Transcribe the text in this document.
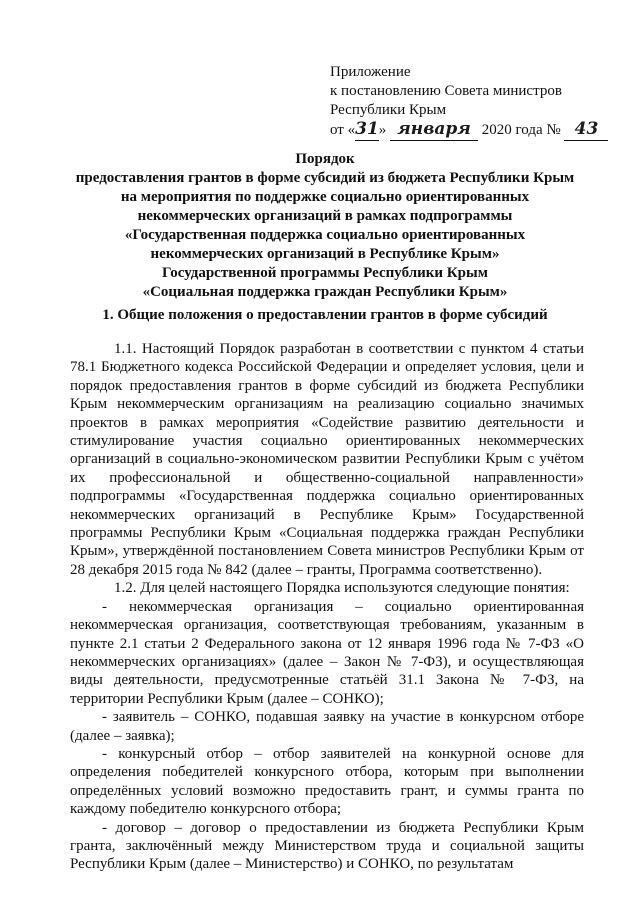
Приложение
к постановлению Совета министров
Республики Крым
от «31» января 2020 года № 43
Порядок
предоставления грантов в форме субсидий из бюджета Республики Крым
на мероприятия по поддержке социально ориентированных
некоммерческих организаций в рамках подпрограммы
«Государственная поддержка социально ориентированных
некоммерческих организаций в Республике Крым»
Государственной программы Республики Крым
«Социальная поддержка граждан Республики Крым»
1. Общие положения о предоставлении грантов в форме субсидий

1.1. Настоящий Порядок разработан в соответствии с пунктом 4 статьи 78.1 Бюджетного кодекса Российской Федерации и определяет условия, цели и порядок предоставления грантов в форме субсидий из бюджета Республики Крым некоммерческим организациям на реализацию социально значимых проектов в рамках мероприятия «Содействие развитию деятельности и стимулирование участия социально ориентированных некоммерческих организаций в социально-экономическом развитии Республики Крым с учётом их профессиональной и общественно-социальной направленности» подпрограммы «Государственная поддержка социально ориентированных некоммерческих организаций в Республике Крым» Государственной программы Республики Крым «Социальная поддержка граждан Республики Крым», утверждённой постановлением Совета министров Республики Крым от 28 декабря 2015 года № 842 (далее – гранты, Программа соответственно).

1.2. Для целей настоящего Порядка используются следующие понятия:

- некоммерческая организация – социально ориентированная некоммерческая организация, соответствующая требованиям, указанным в пункте 2.1 статьи 2 Федерального закона от 12 января 1996 года № 7-ФЗ «О некоммерческих организациях» (далее – Закон № 7-ФЗ), и осуществляющая виды деятельности, предусмотренные статьёй 31.1 Закона № 7-ФЗ, на территории Республики Крым (далее – СОНКО);

- заявитель – СОНКО, подавшая заявку на участие в конкурсном отборе (далее – заявка);

- конкурсный отбор – отбор заявителей на конкурной основе для определения победителей конкурсного отбора, которым при выполнении определённых условий возможно предоставить грант, и суммы гранта по каждому победителю конкурсного отбора;

- договор – договор о предоставлении из бюджета Республики Крым гранта, заключённый между Министерством труда и социальной защиты Республики Крым (далее – Министерство) и СОНКО, по результатам
